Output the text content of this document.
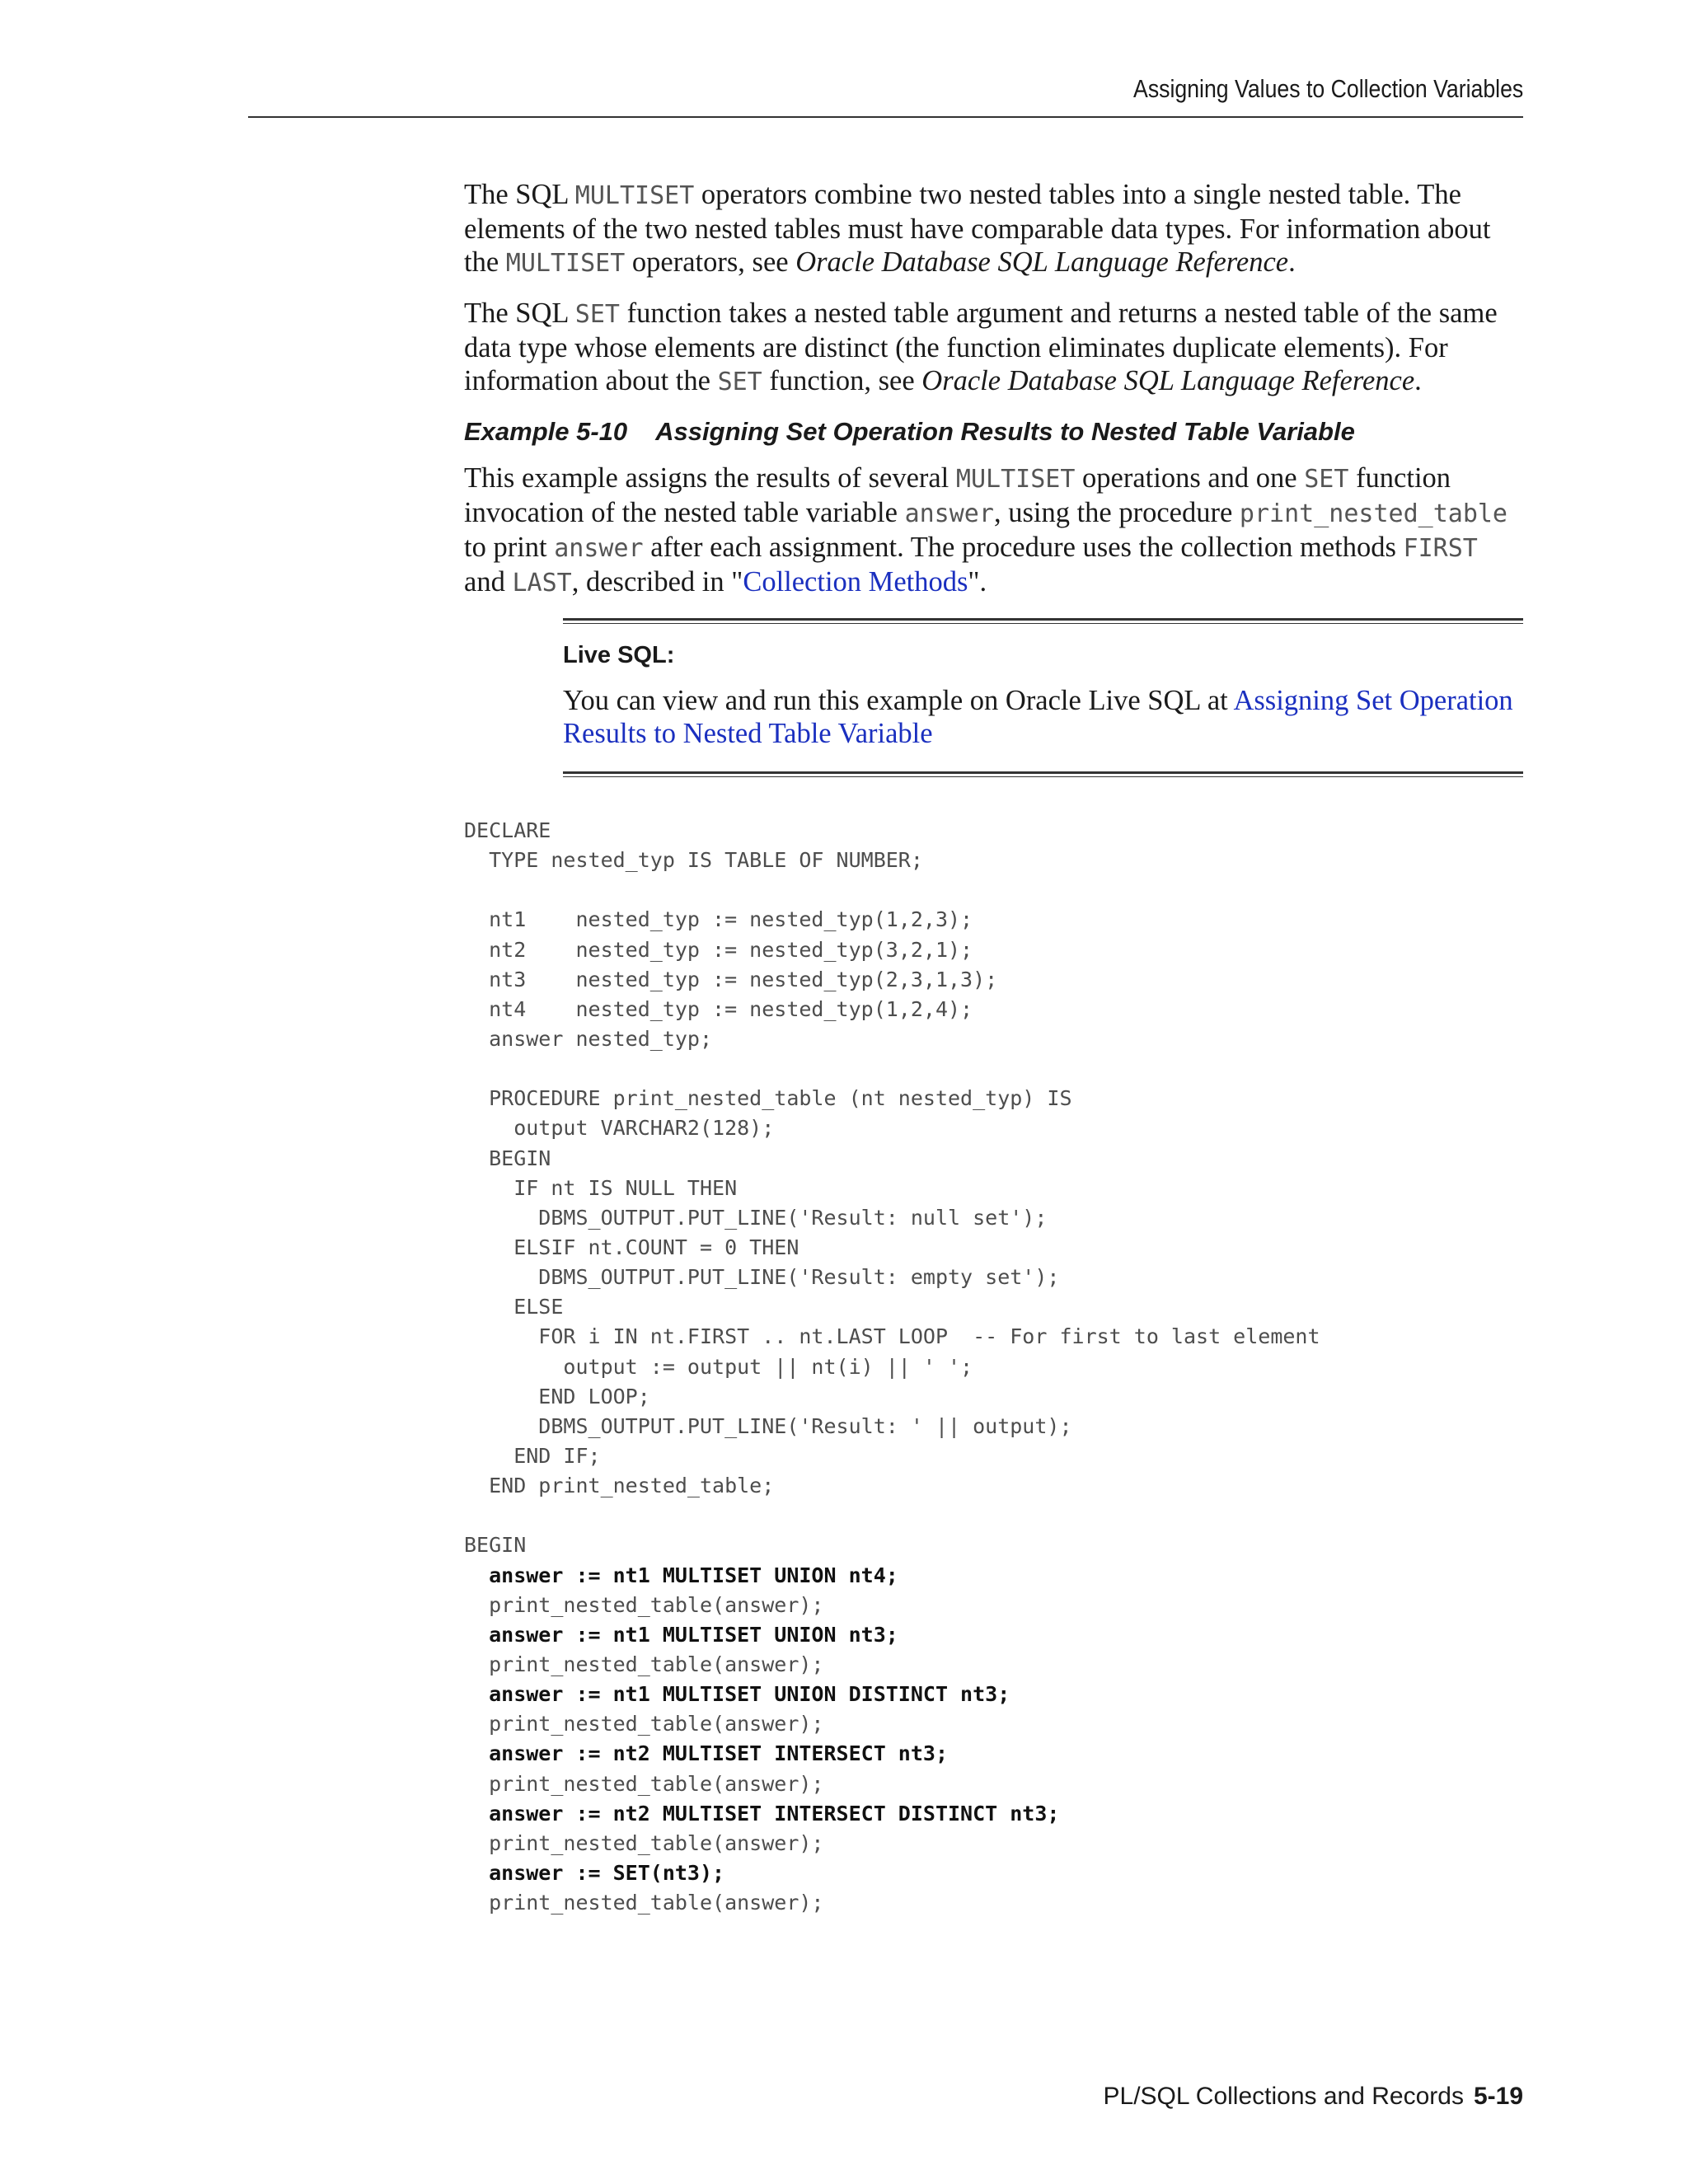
Assigning Values to Collection Variables

The SQL MULTISET operators combine two nested tables into a single nested table. The elements of the two nested tables must have comparable data types. For information about the MULTISET operators, see Oracle Database SQL Language Reference.

The SQL SET function takes a nested table argument and returns a nested table of the same data type whose elements are distinct (the function eliminates duplicate elements). For information about the SET function, see Oracle Database SQL Language Reference.

Example 5-10 Assigning Set Operation Results to Nested Table Variable

This example assigns the results of several MULTISET operations and one SET function invocation of the nested table variable answer, using the procedure print_nested_table to print answer after each assignment. The procedure uses the collection methods FIRST and LAST, described in "Collection Methods".

Live SQL:

You can view and run this example on Oracle Live SQL at Assigning Set Operation Results to Nested Table Variable

DECLARE
TYPE nested_typ IS TABLE OF NUMBER;
nt1    nested_typ := nested_typ(1,2,3);
nt2    nested_typ := nested_typ(3,2,1);
nt3    nested_typ := nested_typ(2,3,1,3);
nt4    nested_typ := nested_typ(1,2,4);
answer nested_typ;
PROCEDURE print_nested_table (nt nested_typ) IS
output VARCHAR2(128);
BEGIN
IF nt IS NULL THEN
DBMS_OUTPUT.PUT_LINE('Result: null set');
ELSIF nt.COUNT = 0 THEN
DBMS_OUTPUT.PUT_LINE('Result: empty set');
ELSE
FOR i IN nt.FIRST .. nt.LAST LOOP  -- For first to last element
output := output || nt(i) || ' ';
END LOOP;
DBMS_OUTPUT.PUT_LINE('Result: ' || output);
END IF;
END print_nested_table;
BEGIN
answer := nt1 MULTISET UNION nt4;
print_nested_table(answer);
answer := nt1 MULTISET UNION nt3;
print_nested_table(answer);
answer := nt1 MULTISET UNION DISTINCT nt3;
print_nested_table(answer);
answer := nt2 MULTISET INTERSECT nt3;
print_nested_table(answer);
answer := nt2 MULTISET INTERSECT DISTINCT nt3;
print_nested_table(answer);
answer := SET(nt3);
print_nested_table(answer);
PL/SQL Collections and Records 5-19
